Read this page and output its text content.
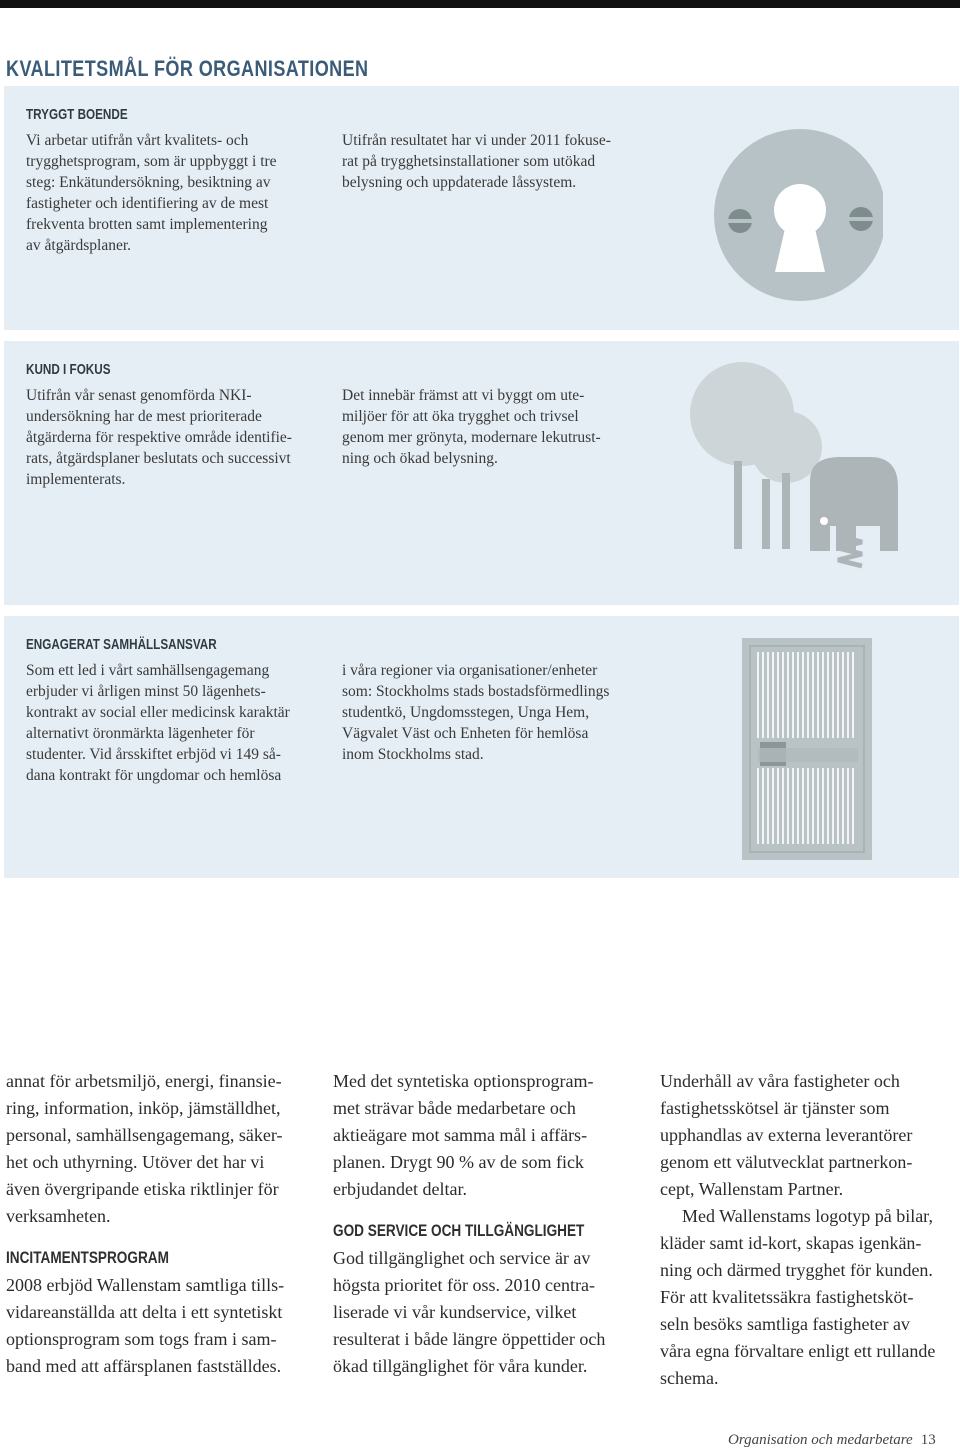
KVALITETSMÅL FÖR ORGANISATIONEN
TRYGGT BOENDE

Vi arbetar utifrån vårt kvalitets- och
trygghetsprogram, som är uppbyggt i tre
steg: Enkätundersökning, besiktning av
fastigheter och identifiering av de mest
frekventa brotten samt implementering
av åtgärdsplaner.

Utifrån resultatet har vi under 2011 fokuse-
rat på trygghetsinstallationer som utökad
belysning och uppdaterade låssystem.

KUND I FOKUS

Utifrån vår senast genomförda NKI-
undersökning har de mest prioriterade
åtgärderna för respektive område identifie-
rats, åtgärdsplaner beslutats och successivt
implementerats.

Det innebär främst att vi byggt om ute-
miljöer för att öka trygghet och trivsel
genom mer grönyta, modernare lekutrust-
ning och ökad belysning.

ENGAGERAT SAMHÄLLSANSVAR

Som ett led i vårt samhällsengagemang
erbjuder vi årligen minst 50 lägenhets-
kontrakt av social eller medicinsk karaktär
alternativt öronmärkta lägenheter för
studenter. Vid årsskiftet erbjöd vi 149 så-
dana kontrakt för ungdomar och hemlösa

i våra regioner via organisationer/enheter
som: Stockholms stads bostadsförmedlings
studentkö, Ungdomsstegen, Unga Hem,
Vägvalet Väst och Enheten för hemlösa
inom Stockholms stad.

annat för arbetsmiljö, energi, finansie-
ring, information, inköp, jämställdhet,
personal, samhällsengagemang, säker-
het och uthyrning. Utöver det har vi
även övergripande etiska riktlinjer för
verksamheten.

INCITAMENTSPROGRAM

2008 erbjöd Wallenstam samtliga tills-
vidareanställda att delta i ett syntetiskt
optionsprogram som togs fram i sam-
band med att affärsplanen fastställdes.

Med det syntetiska optionsprogram-
met strävar både medarbetare och
aktieägare mot samma mål i affärs-
planen. Drygt 90 % av de som fick
erbjudandet deltar.

GOD SERVICE OCH TILLGÄNGLIGHET

God tillgänglighet och service är av
högsta prioritet för oss. 2010 centra-
liserade vi vår kundservice, vilket
resulterat i både längre öppettider och
ökad tillgänglighet för våra kunder.

Underhåll av våra fastigheter och
fastighetsskötsel är tjänster som
upphandlas av externa leverantörer
genom ett välutvecklat partnerkon-
cept, Wallenstam Partner.

Med Wallenstams logotyp på bilar,
kläder samt id-kort, skapas igenkän-
ning och därmed trygghet för kunden.
För att kvalitetssäkra fastighetsköt-
seln besöks samtliga fastigheter av
våra egna förvaltare enligt ett rullande
schema.

Organisation och medarbetare 13
